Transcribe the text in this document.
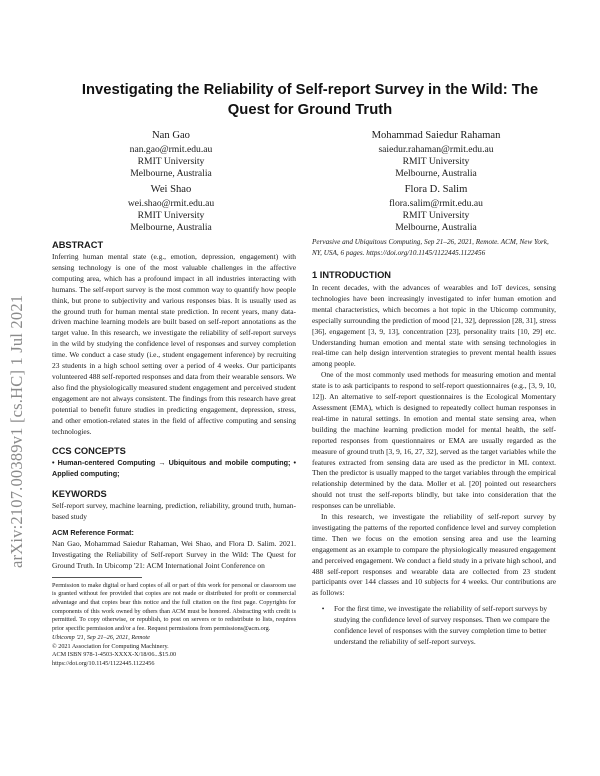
arXiv:2107.00389v1 [cs.HC] 1 Jul 2021
Investigating the Reliability of Self-report Survey in the Wild: The Quest for Ground Truth
Nan Gao
nan.gao@rmit.edu.au
RMIT University
Melbourne, Australia
Mohammad Saiedur Rahaman
saiedur.rahaman@rmit.edu.au
RMIT University
Melbourne, Australia
Wei Shao
wei.shao@rmit.edu.au
RMIT University
Melbourne, Australia
Flora D. Salim
flora.salim@rmit.edu.au
RMIT University
Melbourne, Australia
ABSTRACT

Inferring human mental state (e.g., emotion, depression, engagement) with sensing technology is one of the most valuable challenges in the affective computing area, which has a profound impact in all industries interacting with humans. The self-report survey is the most common way to quantify how people think, but prone to subjectivity and various responses bias. It is usually used as the ground truth for human mental state prediction. In recent years, many data-driven machine learning models are built based on self-report annotations as the target value. In this research, we investigate the reliability of self-report surveys in the wild by studying the confidence level of responses and survey completion time. We conduct a case study (i.e., student engagement inference) by recruiting 23 students in a high school setting over a period of 4 weeks. Our participants volunteered 488 self-reported responses and data from their wearable sensors. We also find the physiologically measured student engagement and perceived student engagement are not always consistent. The findings from this research have great potential to benefit future studies in predicting engagement, depression, stress, and other emotion-related states in the field of affective computing and sensing technologies.

CCS CONCEPTS

• Human-centered Computing → Ubiquitous and mobile computing; • Applied computing;

KEYWORDS

Self-report survey, machine learning, prediction, reliability, ground truth, human-based study

ACM Reference Format:

Nan Gao, Mohammad Saiedur Rahaman, Wei Shao, and Flora D. Salim. 2021. Investigating the Reliability of Self-report Survey in the Wild: The Quest for Ground Truth. In Ubicomp '21: ACM International Joint Conference on

Permission to make digital or hard copies of all or part of this work for personal or classroom use is granted without fee provided that copies are not made or distributed for profit or commercial advantage and that copies bear this notice and the full citation on the first page. Copyrights for components of this work owned by others than ACM must be honored. Abstracting with credit is permitted. To copy otherwise, or republish, to post on servers or to redistribute to lists, requires prior specific permission and/or a fee. Request permissions from permissions@acm.org.

Ubicomp '21, Sep 21–26, 2021, Remote

© 2021 Association for Computing Machinery.

ACM ISBN 978-1-4503-XXXX-X/18/06...$15.00

https://doi.org/10.1145/1122445.1122456

Pervasive and Ubiquitous Computing, Sep 21–26, 2021, Remote. ACM, New York, NY, USA, 6 pages. https://doi.org/10.1145/1122445.1122456

1 INTRODUCTION

In recent decades, with the advances of wearables and IoT devices, sensing technologies have been increasingly investigated to infer human emotion and mental characteristics, which becomes a hot topic in the Ubicomp community, especially surrounding the prediction of mood [21, 32], depression [28, 31], stress [36], engagement [3, 9, 13], concentration [23], personality traits [10, 29] etc. Understanding human emotion and mental state with sensing technologies in real-time can help design intervention strategies to prevent mental health issues among people.

One of the most commonly used methods for measuring emotion and mental state is to ask participants to respond to self-report questionnaires (e.g., [3, 9, 10, 12]). An alternative to self-report questionnaires is the Ecological Momentary Assessment (EMA), which is designed to repeatedly collect human responses in real-time in natural settings. In emotion and mental state sensing area, when building the machine learning prediction model for mental health, the self-reported responses from questionnaires or EMA are usually regarded as the measure of ground truth [3, 9, 16, 27, 32], served as the target variables while the features extracted from sensing data are used as the predictor in ML context. Then the predictor is usually mapped to the target variables through the empirical relationship determined by the data. Moller et al. [20] pointed out researchers should not trust the self-reports blindly, but take into consideration that the responses can be unreliable.

In this research, we investigate the reliability of self-report survey by investigating the patterns of the reported confidence level and survey completion time. Then we focus on the emotion sensing area and use the learning engagement as an example to compare the physiologically measured engagement and perceived engagement. We conduct a field study in a private high school, and 488 self-report responses and wearable data are collected from 23 student participants over 144 classes and 10 subjects for 4 weeks. Our contributions are as follows:

•	For the first time, we investigate the reliability of self-report surveys by studying the confidence level of survey responses. Then we compare the confidence level of responses with the survey completion time to better understand the reliability of self-report surveys.
